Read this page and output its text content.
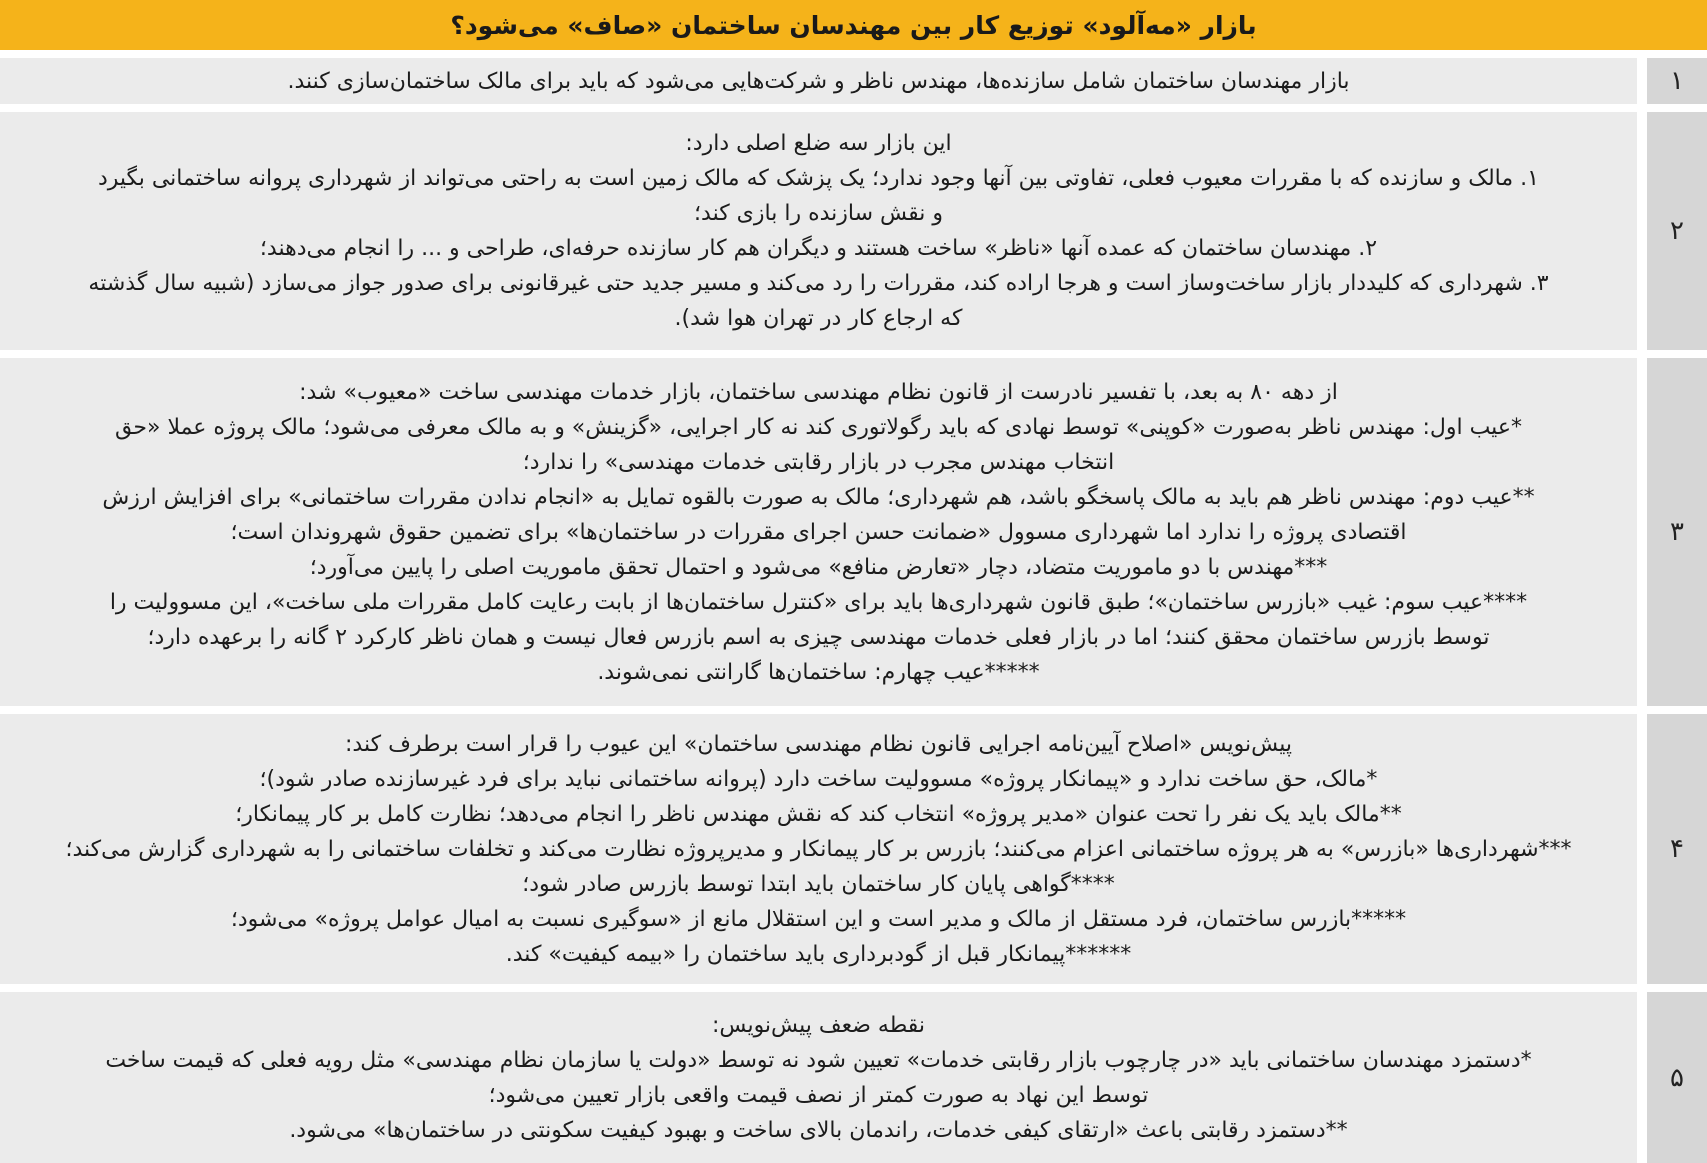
بازار «مه‌آلود» توزیع کار بین مهندسان ساختمان «صاف» می‌شود؟
بازار مهندسان ساختمان شامل سازنده‌ها، مهندس ناظر و شرکت‌هایی می‌شود که باید برای مالک ساختمان‌سازی کنند.	۱
این بازار سه ضلع اصلی دارد:
۱. مالک و سازنده که با مقررات معیوب فعلی، تفاوتی بین آنها وجود ندارد؛ یک پزشک که مالک زمین است به راحتی می‌تواند از شهرداری پروانه ساختمانی بگیرد
و نقش سازنده را بازی کند؛
۲. مهندسان ساختمان که عمده آنها «ناظر» ساخت هستند و دیگران هم کار سازنده حرفه‌ای، طراحی و ... را انجام می‌دهند؛
۳. شهرداری که کلیددار بازار ساخت‌وساز است و هرجا اراده کند، مقررات را رد می‌کند و مسیر جدید حتی غیرقانونی برای صدور جواز می‌سازد (شبیه سال گذشته
که ارجاع کار در تهران هوا شد).
۲
از دهه ۸۰ به بعد، با تفسیر نادرست از قانون نظام مهندسی ساختمان، بازار خدمات مهندسی ساخت «معیوب» شد:
*عیب اول: مهندس ناظر به‌صورت «کوپنی» توسط نهادی که باید رگولاتوری کند نه کار اجرایی، «گزینش» و به مالک معرفی می‌شود؛ مالک پروژه عملا «حق
انتخاب مهندس مجرب در بازار رقابتی خدمات مهندسی» را ندارد؛
**عیب دوم: مهندس ناظر هم باید به مالک پاسخگو باشد، هم شهرداری؛ مالک به صورت بالقوه تمایل به «انجام ندادن مقررات ساختمانی» برای افزایش ارزش
اقتصادی پروژه را ندارد اما شهرداری مسوول «ضمانت حسن اجرای مقررات در ساختمان‌ها» برای تضمین حقوق شهروندان است؛
***مهندس با دو ماموریت متضاد، دچار «تعارض منافع» می‌شود و احتمال تحقق ماموریت اصلی را پایین می‌آورد؛
****عیب سوم: غیب «بازرس ساختمان»؛ طبق قانون شهرداری‌ها باید برای «کنترل ساختمان‌ها از بابت رعایت کامل مقررات ملی ساخت»، این مسوولیت را
توسط بازرس ساختمان محقق کنند؛ اما در بازار فعلی خدمات مهندسی چیزی به اسم بازرس فعال نیست و همان ناظر کارکرد ۲ گانه را برعهده دارد؛
*****عیب چهارم: ساختمان‌ها گارانتی نمی‌شوند.
۳
پیش‌نویس «اصلاح آیین‌نامه اجرایی قانون نظام مهندسی ساختمان» این عیوب را قرار است برطرف کند:
*مالک، حق ساخت ندارد و «پیمانکار پروژه» مسوولیت ساخت دارد (پروانه ساختمانی نباید برای فرد غیرسازنده صادر شود)؛
**مالک باید یک نفر را تحت عنوان «مدیر پروژه» انتخاب کند که نقش مهندس ناظر را انجام می‌دهد؛ نظارت کامل بر کار پیمانکار؛
***شهرداری‌ها «بازرس» به هر پروژه ساختمانی اعزام می‌کنند؛ بازرس بر کار پیمانکار و مدیرپروژه نظارت می‌کند و تخلفات ساختمانی را به شهرداری گزارش می‌کند؛
****گواهی پایان کار ساختمان باید ابتدا توسط بازرس صادر شود؛
*****بازرس ساختمان، فرد مستقل از مالک و مدیر است و این استقلال مانع از «سوگیری نسبت به امیال عوامل پروژه» می‌شود؛
******پیمانکار قبل از گودبرداری باید ساختمان را «بیمه کیفیت» کند.
۴
نقطه ضعف پیش‌نویس:
*دستمزد مهندسان ساختمانی باید «در چارچوب بازار رقابتی خدمات» تعیین شود نه توسط «دولت یا سازمان نظام مهندسی» مثل رویه فعلی که قیمت ساخت
توسط این نهاد به صورت کمتر از نصف قیمت واقعی بازار تعیین می‌شود؛
**دستمزد رقابتی باعث «ارتقای کیفی خدمات، راندمان بالای ساخت و بهبود کیفیت سکونتی در ساختمان‌ها» می‌شود.
۵
